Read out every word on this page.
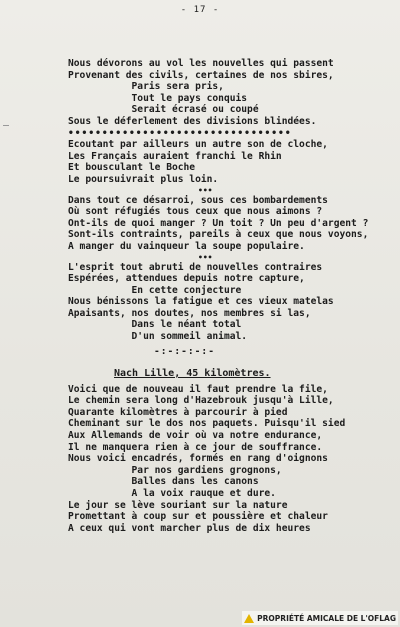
- 17 -
Nous dévorons au vol les nouvelles qui passent
Provenant des civils, certaines de nos sbires,
Paris sera pris,
Tout le pays conquis
Serait écrasé ou coupé
Sous le déferlement des divisions blindées.
•••••••••••••••••••••••••••••••••
Ecoutant par ailleurs un autre son de cloche,
Les Français auraient franchi le Rhin
Et bousculant le Boche
Le poursuivrait plus loin.
•••
Dans tout ce désarroi, sous ces bombardements
Où sont réfugiés tous ceux que nous aimons ?
Ont-ils de quoi manger ? Un toit ? Un peu d'argent ?
Sont-ils contraints, pareils à ceux que nous voyons,
A manger du vainqueur la soupe populaire.
•••
L'esprit tout abruti de nouvelles contraires
Espérées, attendues depuis notre capture,
En cette conjecture
Nous bénissons la fatigue et ces vieux matelas
Apaisants, nos doutes, nos membres si las,
Dans le néant total
D'un sommeil animal.
-:-:-:-:-
Nach Lille, 45 kilomètres.
Voici que de nouveau il faut prendre la file,
Le chemin sera long d'Hazebrouk jusqu'à Lille,
Quarante kilomètres à parcourir à pied
Cheminant sur le dos nos paquets. Puisqu'il sied
Aux Allemands de voir où va notre endurance,
Il ne manquera rien à ce jour de souffrance.
Nous voici encadrés, formés en rang d'oignons
Par nos gardiens grognons,
Balles dans les canons
A la voix rauque et dure.
Le jour se lève souriant sur la nature
Promettant à coup sur et poussière et chaleur
A ceux qui vont marcher plus de dix heures
PROPRIÉTÉ AMICALE DE L'OFLAG
